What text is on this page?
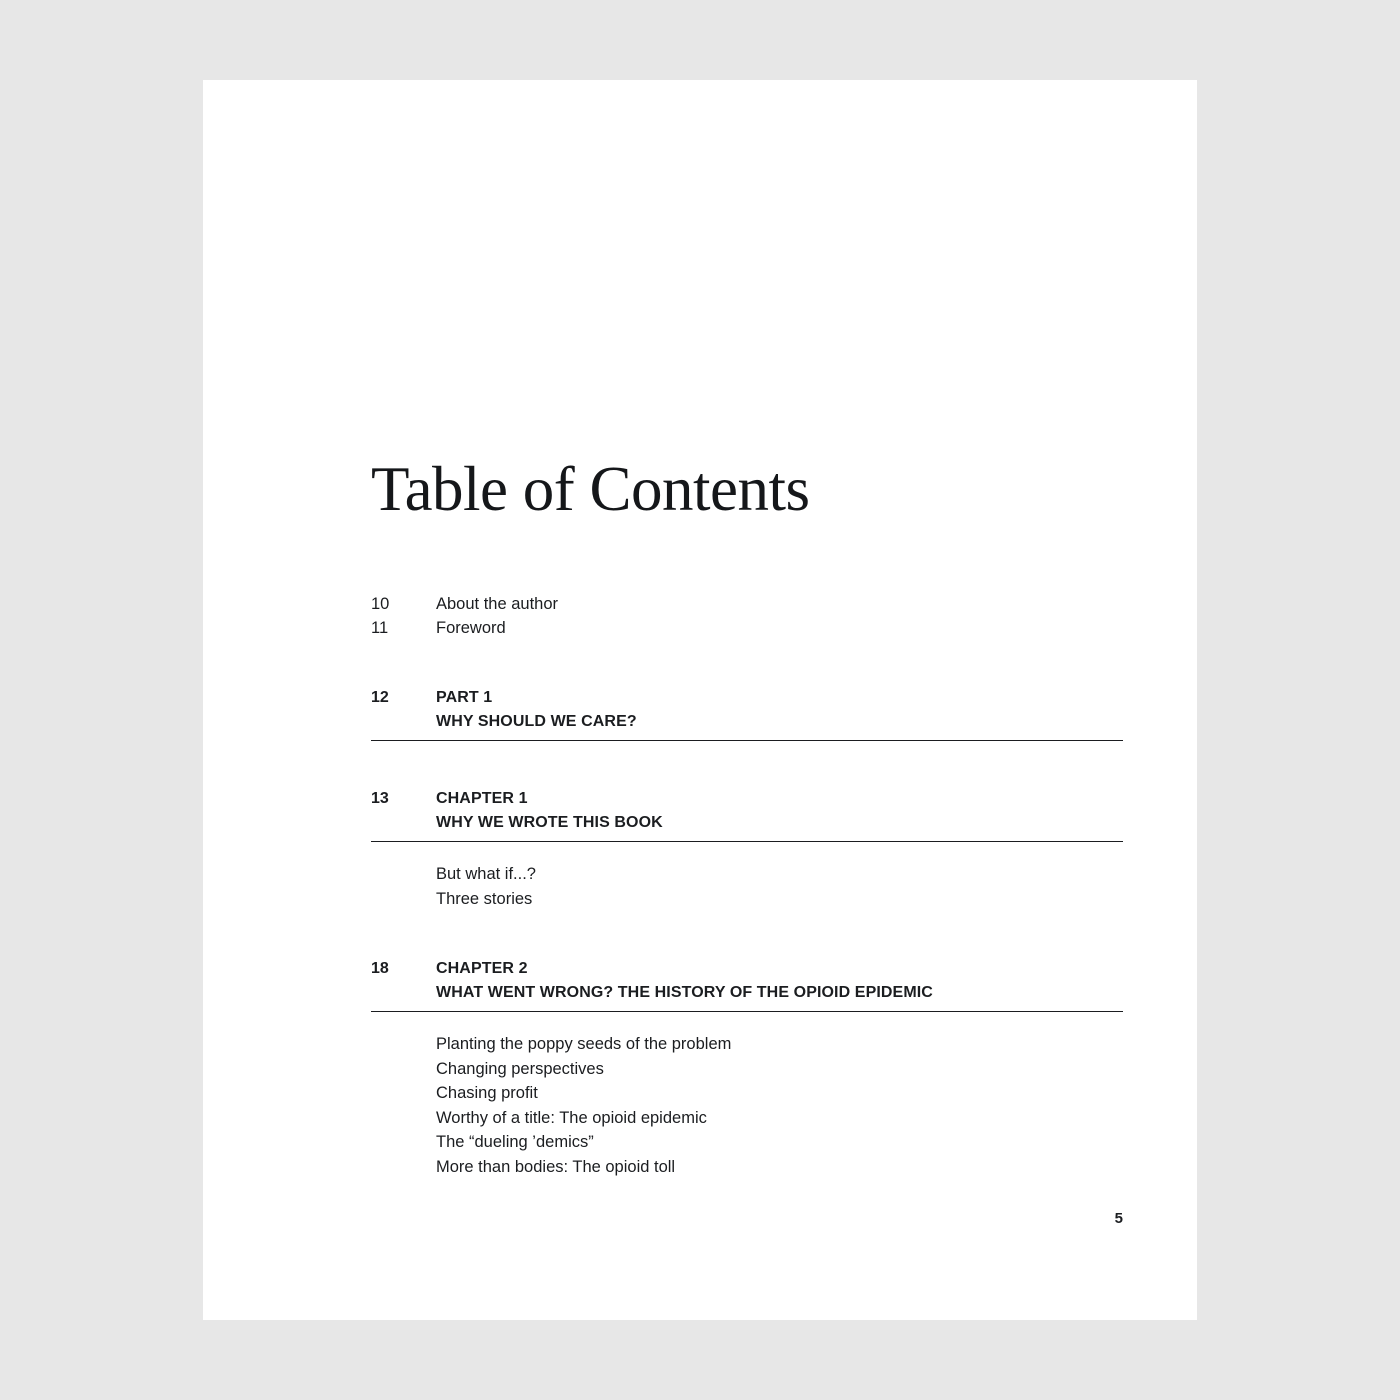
Table of Contents
10	About the author
11	Foreword
12	PART 1
WHY SHOULD WE CARE?
13	CHAPTER 1
WHY WE WROTE THIS BOOK
But what if...?
Three stories
18	CHAPTER 2
WHAT WENT WRONG? THE HISTORY OF THE OPIOID EPIDEMIC
Planting the poppy seeds of the problem
Changing perspectives
Chasing profit
Worthy of a title: The opioid epidemic
The “dueling ’demics”
More than bodies: The opioid toll
5
